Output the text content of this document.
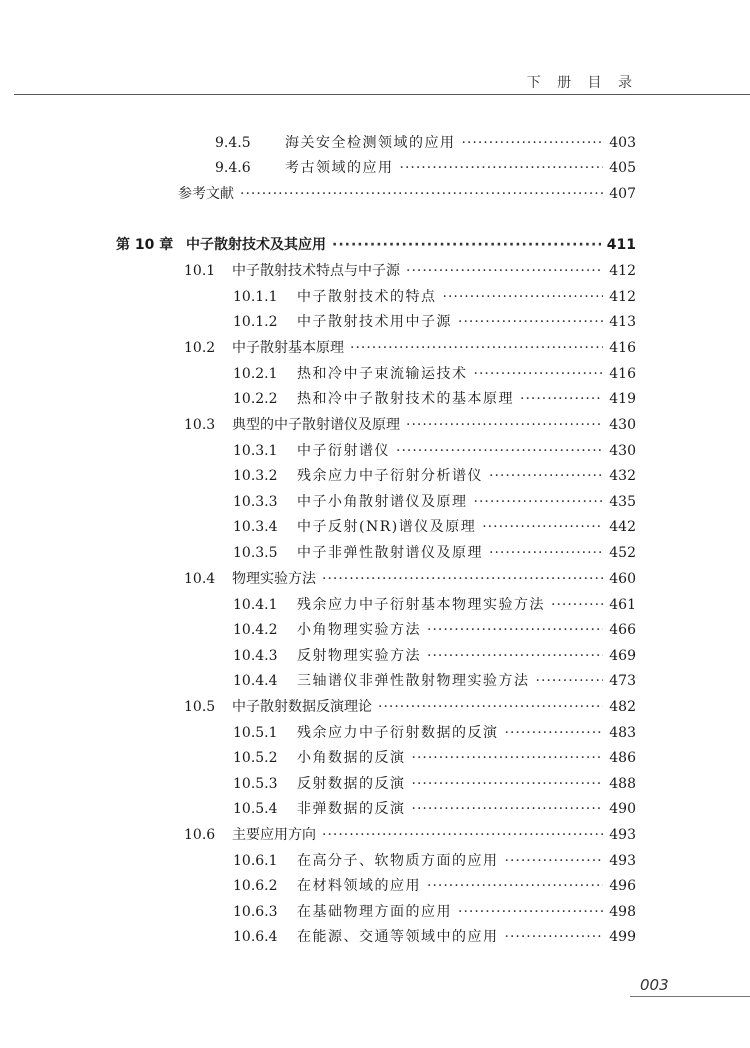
下 册 目 录
9.4.5	海关安全检测领域的应用 ·····	403
9.4.6	考古领域的应用 ·····	405
参考文献 ·····	407
第 10 章 中子散射技术及其应用 ·····	411
10.1	中子散射技术特点与中子源 ·····	412
10.1.1	中子散射技术的特点 ·····	412
10.1.2	中子散射技术用中子源 ·····	413
10.2	中子散射基本原理 ·····	416
10.2.1	热和冷中子束流输运技术 ·····	416
10.2.2	热和冷中子散射技术的基本原理 ·····	419
10.3	典型的中子散射谱仪及原理 ·····	430
10.3.1	中子衍射谱仪 ·····	430
10.3.2	残余应力中子衍射分析谱仪 ·····	432
10.3.3	中子小角散射谱仪及原理 ·····	435
10.3.4	中子反射(NR)谱仪及原理 ·····	442
10.3.5	中子非弹性散射谱仪及原理 ·····	452
10.4	物理实验方法 ·····	460
10.4.1	残余应力中子衍射基本物理实验方法 ·····	461
10.4.2	小角物理实验方法 ·····	466
10.4.3	反射物理实验方法 ·····	469
10.4.4	三轴谱仪非弹性散射物理实验方法 ·····	473
10.5	中子散射数据反演理论 ·····	482
10.5.1	残余应力中子衍射数据的反演 ·····	483
10.5.2	小角数据的反演 ·····	486
10.5.3	反射数据的反演 ·····	488
10.5.4	非弹数据的反演 ·····	490
10.6	主要应用方向 ·····	493
10.6.1	在高分子、软物质方面的应用 ·····	493
10.6.2	在材料领域的应用 ·····	496
10.6.3	在基础物理方面的应用 ·····	498
10.6.4	在能源、交通等领域中的应用 ·····	499
003
